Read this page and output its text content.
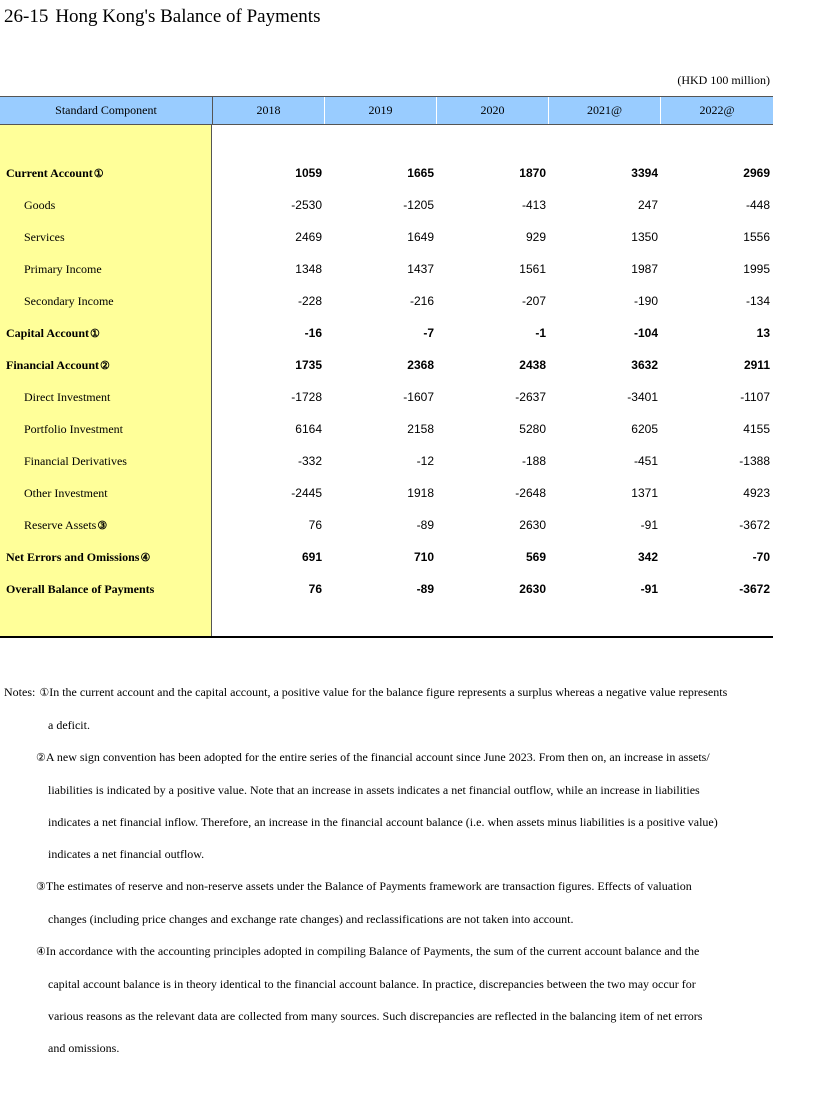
26-15 Hong Kong's Balance of Payments
(HKD 100 million)
Standard Component	2018	2019	2020	2021@	2022@
Current Account①	1059	1665	1870	3394	2969
Goods	-2530	-1205	-413	247	-448
Services	2469	1649	929	1350	1556
Primary Income	1348	1437	1561	1987	1995
Secondary Income	-228	-216	-207	-190	-134
Capital Account①	-16	-7	-1	-104	13
Financial Account②	1735	2368	2438	3632	2911
Direct Investment	-1728	-1607	-2637	-3401	-1107
Portfolio Investment	6164	2158	5280	6205	4155
Financial Derivatives	-332	-12	-188	-451	-1388
Other Investment	-2445	1918	-2648	1371	4923
Reserve Assets③	76	-89	2630	-91	-3672
Net Errors and Omissions④	691	710	569	342	-70
Overall Balance of Payments	76	-89	2630	-91	-3672
Notes: ①In the current account and the capital account, a positive value for the balance figure represents a surplus whereas a negative value represents
a deficit.
②A new sign convention has been adopted for the entire series of the financial account since June 2023. From then on, an increase in assets/
liabilities is indicated by a positive value. Note that an increase in assets indicates a net financial outflow, while an increase in liabilities
indicates a net financial inflow. Therefore, an increase in the financial account balance (i.e. when assets minus liabilities is a positive value)
indicates a net financial outflow.
③The estimates of reserve and non-reserve assets under the Balance of Payments framework are transaction figures. Effects of valuation
changes (including price changes and exchange rate changes) and reclassifications are not taken into account.
④In accordance with the accounting principles adopted in compiling Balance of Payments, the sum of the current account balance and the
capital account balance is in theory identical to the financial account balance. In practice, discrepancies between the two may occur for
various reasons as the relevant data are collected from many sources. Such discrepancies are reflected in the balancing item of net errors
and omissions.
